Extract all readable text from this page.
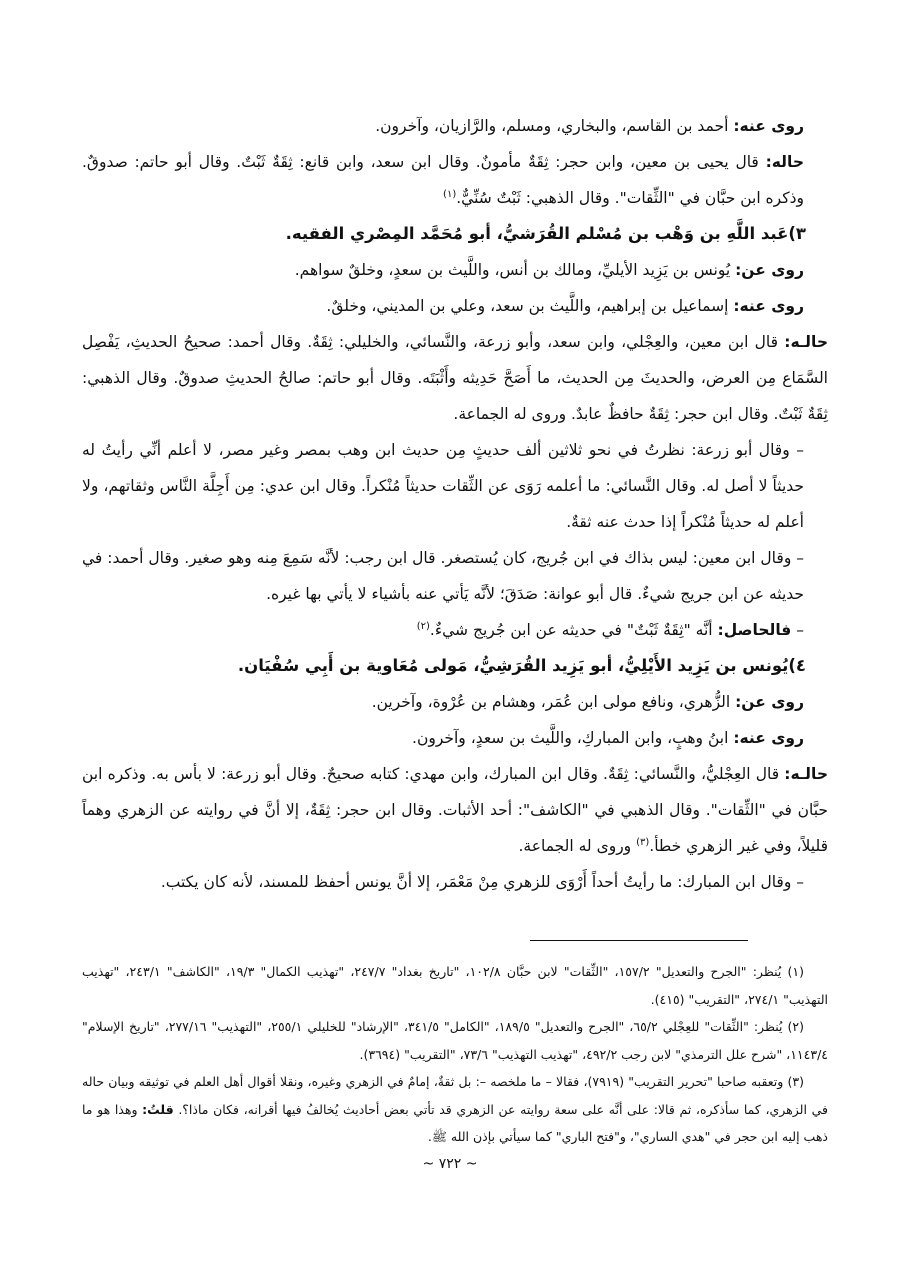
روى عنه: أحمد بن القاسم، والبخاري، ومسلم، والرَّازيان، وآخرون.

حاله: قال يحيى بن معين، وابن حجر: ثِقَةٌ مأمونٌ. وقال ابن سعد، وابن قانع: ثِقَةٌ ثَبْتٌ. وقال أبو حاتم: صدوقٌ. وذكره ابن حبَّان في "الثِّقات". وقال الذهبي: ثَبْتٌ سُنِّيٌّ.$^{(١)}$

٣)عَبد اللَّهِ بن وَهْب بن مُسْلم القُرَشيُّ، أبو مُحَمَّد المِصْري الفقيه.

روى عن: يُونس بن يَزِيد الأيليِّ، ومالك بن أنس، واللَّيث بن سعدٍ، وخلقٌ سواهم.

روى عنه: إسماعيل بن إبراهيم، واللَّيث بن سعد، وعلي بن المديني، وخلقٌ.

حالـه: قال ابن معين، والعِجْلي، وابن سعد، وأبو زرعة، والنَّسائي، والخليلي: ثِقَةٌ. وقال أحمد: صحيحُ الحديثِ، يَفْصِل السَّمَاع مِن العرض، والحديثَ مِن الحديث، ما أَصَحَّ حَدِيثه وأَثْبَتَه. وقال أبو حاتم: صالحُ الحديثِ صدوقٌ. وقال الذهبي: ثِقَةٌ ثَبْتٌ. وقال ابن حجر: ثِقَةٌ حافظٌ عابدٌ. وروى له الجماعة.

– وقال أبو زرعة: نظرتُ في نحو ثلاثين ألف حديثٍ مِن حديث ابن وهب بمصر وغير مصر، لا أعلم أنِّي رأيتُ له حديثاً لا أصل له. وقال النَّسائي: ما أعلمه رَوَى عن الثِّقات حديثاً مُنْكراً. وقال ابن عدي: مِن أَجِلَّة النَّاس وثقاتهم، ولا أعلم له حديثاً مُنْكراً إذا حدث عنه ثقةٌ.

– وقال ابن معين: ليس بذاك في ابن جُريج، كان يُستصغر. قال ابن رجب: لأنَّه سَمِعَ مِنه وهو صغير. وقال أحمد: في حديثه عن ابن جريج شيءٌ. قال أبو عوانة: صَدَقَ؛ لأنَّه يَأتي عنه بأشياء لا يأتي بها غيره.

– فالحاصل: أنَّه "ثِقَةٌ ثَبْتٌ" في حديثه عن ابن جُريج شيءٌ.$^{(٢)}$

٤)يُونس بن يَزِيد الأَيْلِيُّ، أبو يَزِيد القُرَشِيُّ، مَولى مُعَاوية بن أَبِي سُفْيَان.

روى عن: الزُّهري، ونافع مولى ابن عُمَر، وهشام بن عُرْوة، وآخرين.

روى عنه: ابنُ وهبٍ، وابن المباركِ، واللَّيث بن سعدٍ، وآخرون.

حالـه: قال العِجْليُّ، والنَّسائي: ثِقَةٌ. وقال ابن المبارك، وابن مهدي: كتابه صحيحٌ. وقال أبو زرعة: لا بأس به. وذكره ابن حبَّان في "الثِّقات". وقال الذهبي في "الكاشف": أحد الأثبات. وقال ابن حجر: ثِقَةٌ، إلا أنَّ في روايته عن الزهري وهماً قليلاً، وفي غير الزهري خطأ.$^{(٣)}$ وروى له الجماعة.

– وقال ابن المبارك: ما رأيتُ أحداً أَرْوَى للزهري مِنْ مَعْمَر، إلا أنَّ يونس أحفظ للمسند، لأنه كان يكتب.

(١) يُنظر: "الجرح والتعديل" ١٥٧/٢، "الثِّقات" لابن حبَّان ١٠٢/٨، "تاريخ بغداد" ٢٤٧/٧، "تهذيب الكمال" ١٩/٣، "الكاشف" ٢٤٣/١، "تهذيب التهذيب" ٢٧٤/١، "التقريب" (٤١٥).

(٢) يُنظر: "الثِّقات" للعِجْلي ٦٥/٢، "الجرح والتعديل" ١٨٩/٥، "الكامل" ٣٤١/٥، "الإرشاد" للخليلي ٢٥٥/١، "التهذيب" ٢٧٧/١٦، "تاريخ الإسلام" ١١٤٣/٤، "شرح علل الترمذي" لابن رجب ٤٩٢/٢، "تهذيب التهذيب" ٧٣/٦، "التقريب" (٣٦٩٤).

(٣) وتعقبه صاحبا "تحرير التقريب" (٧٩١٩)، فقالا – ما ملخصه –: بل ثقةٌ، إمامٌ في الزهري وغيره، ونقلا أقوال أهل العلم في توثيقه وبيان حاله في الزهري، كما سأذكره، ثم قالا: على أنَّه على سعة روايته عن الزهري قد تأتي بعض أحاديث يُخالفُ فيها أقرانه، فكان ماذا؟. قلتُ: وهذا هو ما ذهب إليه ابن حجر في "هدي الساري"، و"فتح الباري" كما سيأتي بإذن الله ﷺ.

~ ٧٢٢ ~
